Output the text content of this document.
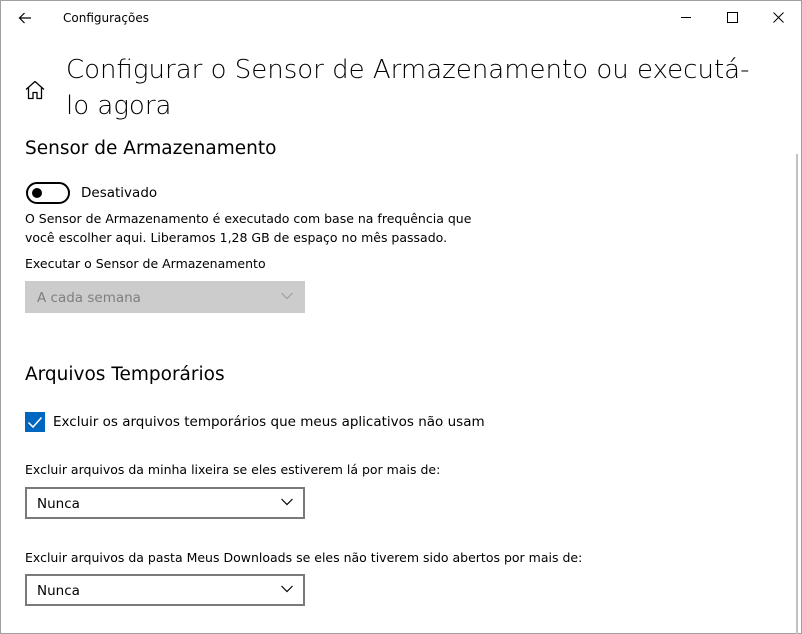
Configurações
Configurar o Sensor de Armazenamento ou executá-lo agora
Sensor de Armazenamento
Desativado
O Sensor de Armazenamento é executado com base na frequência que você escolher aqui. Liberamos 1,28 GB de espaço no mês passado.
Executar o Sensor de Armazenamento
A cada semana
Arquivos Temporários
Excluir os arquivos temporários que meus aplicativos não usam
Excluir arquivos da minha lixeira se eles estiverem lá por mais de:
Nunca
Excluir arquivos da pasta Meus Downloads se eles não tiverem sido abertos por mais de:
Nunca
